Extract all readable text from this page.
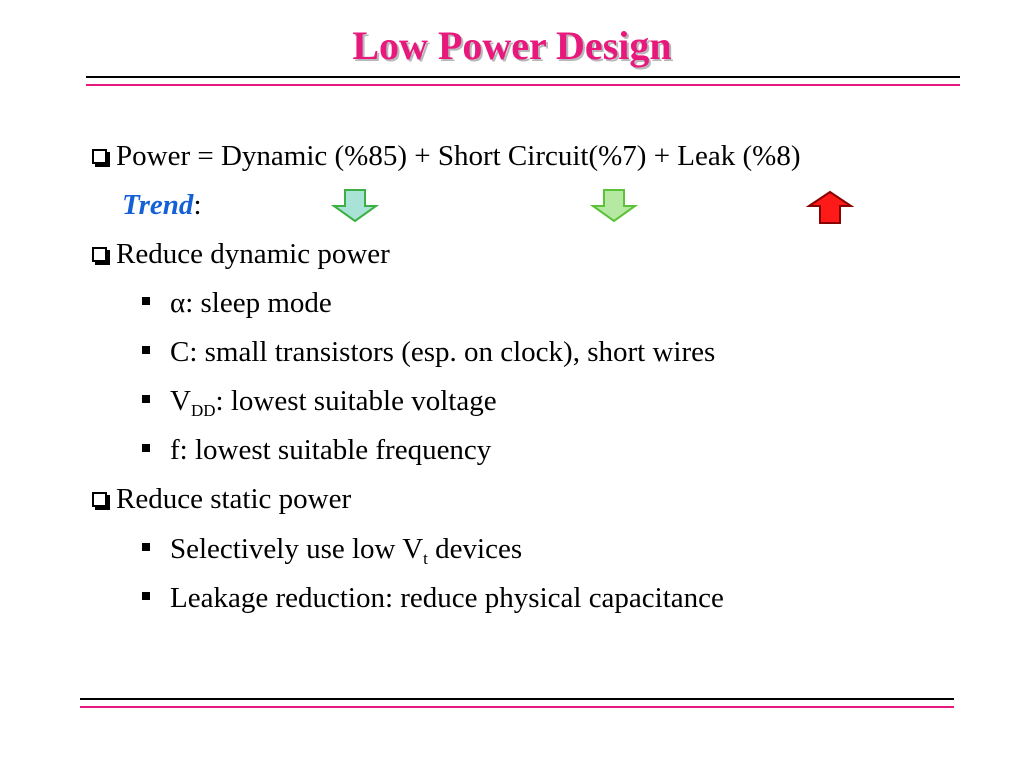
Low Power Design
Power = Dynamic (%85) + Short Circuit(%7) + Leak (%8)
Trend:
Reduce dynamic power
α: sleep mode
C: small transistors (esp. on clock), short wires
$V_{DD}$: lowest suitable voltage
f: lowest suitable frequency
Reduce static power
Selectively use low $V_t$ devices
Leakage reduction: reduce physical capacitance
